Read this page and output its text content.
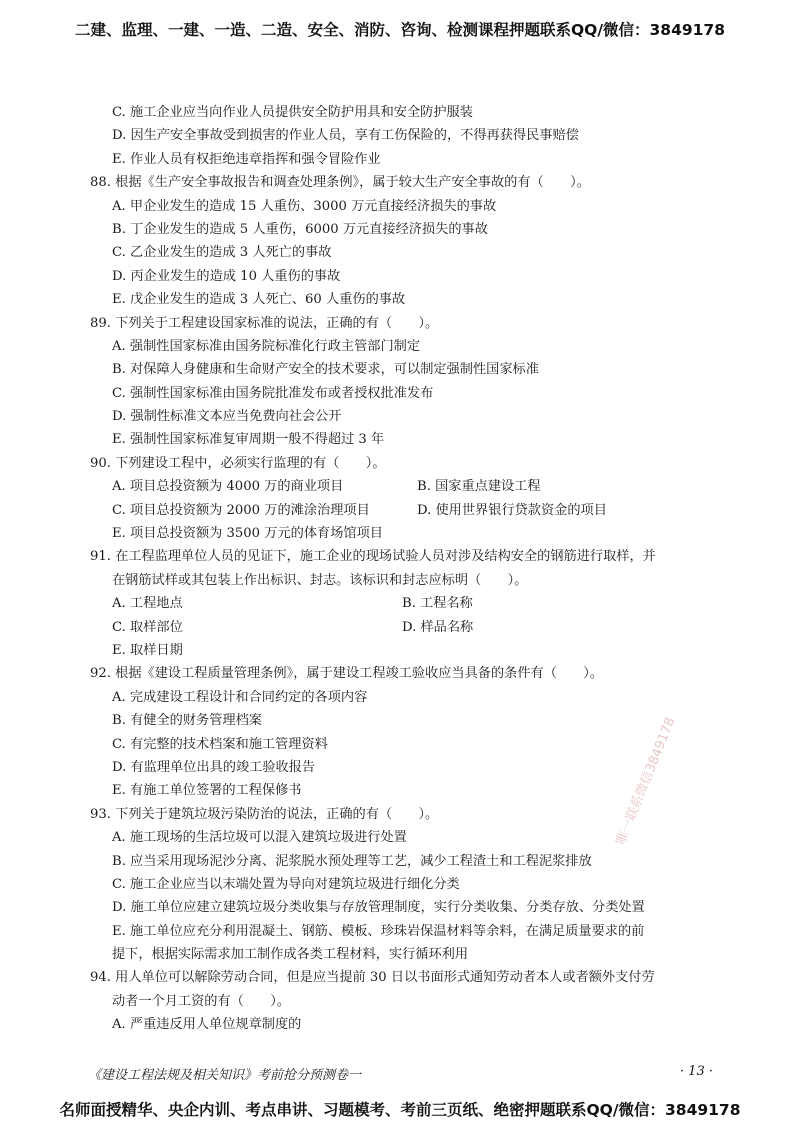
二建、监理、一建、一造、二造、安全、消防、咨询、检测课程押题联系QQ/微信：3849178
C. 施工企业应当向作业人员提供安全防护用具和安全防护服装
D. 因生产安全事故受到损害的作业人员，享有工伤保险的，不得再获得民事赔偿
E. 作业人员有权拒绝违章指挥和强令冒险作业
88. 根据《生产安全事故报告和调查处理条例》，属于较大生产安全事故的有（　　）。
A. 甲企业发生的造成 15 人重伤、3000 万元直接经济损失的事故
B. 丁企业发生的造成 5 人重伤，6000 万元直接经济损失的事故
C. 乙企业发生的造成 3 人死亡的事故
D. 丙企业发生的造成 10 人重伤的事故
E. 戊企业发生的造成 3 人死亡、60 人重伤的事故
89. 下列关于工程建设国家标准的说法，正确的有（　　）。
A. 强制性国家标准由国务院标准化行政主管部门制定
B. 对保障人身健康和生命财产安全的技术要求，可以制定强制性国家标准
C. 强制性国家标准由国务院批准发布或者授权批准发布
D. 强制性标准文本应当免费向社会公开
E. 强制性国家标准复审周期一般不得超过 3 年
90. 下列建设工程中，必须实行监理的有（　　）。
A. 项目总投资额为 4000 万的商业项目	B. 国家重点建设工程
C. 项目总投资额为 2000 万的滩涂治理项目	D. 使用世界银行贷款资金的项目
E. 项目总投资额为 3500 万元的体育场馆项目
91. 在工程监理单位人员的见证下，施工企业的现场试验人员对涉及结构安全的钢筋进行取样，并
在钢筋试样或其包装上作出标识、封志。该标识和封志应标明（　　）。
A. 工程地点	B. 工程名称
C. 取样部位	D. 样品名称
E. 取样日期
92. 根据《建设工程质量管理条例》，属于建设工程竣工验收应当具备的条件有（　　）。
A. 完成建设工程设计和合同约定的各项内容
B. 有健全的财务管理档案
C. 有完整的技术档案和施工管理资料
D. 有监理单位出具的竣工验收报告
E. 有施工单位签署的工程保修书
93. 下列关于建筑垃圾污染防治的说法，正确的有（　　）。
A. 施工现场的生活垃圾可以混入建筑垃圾进行处置
B. 应当采用现场泥沙分离、泥浆脱水预处理等工艺，减少工程渣土和工程泥浆排放
C. 施工企业应当以末端处置为导向对建筑垃圾进行细化分类
D. 施工单位应建立建筑垃圾分类收集与存放管理制度，实行分类收集、分类存放、分类处置
E. 施工单位应充分利用混凝土、钢筋、模板、珍珠岩保温材料等余料，在满足质量要求的前
提下，根据实际需求加工制作成各类工程材料，实行循环利用
94. 用人单位可以解除劳动合同，但是应当提前 30 日以书面形式通知劳动者本人或者额外支付劳
动者一个月工资的有（　　）。
A. 严重违反用人单位规章制度的
唯一联系微信3849178
《建设工程法规及相关知识》考前抢分预测卷一	· 13 ·
名师面授精华、央企内训、考点串讲、习题模考、考前三页纸、绝密押题联系QQ/微信：3849178
